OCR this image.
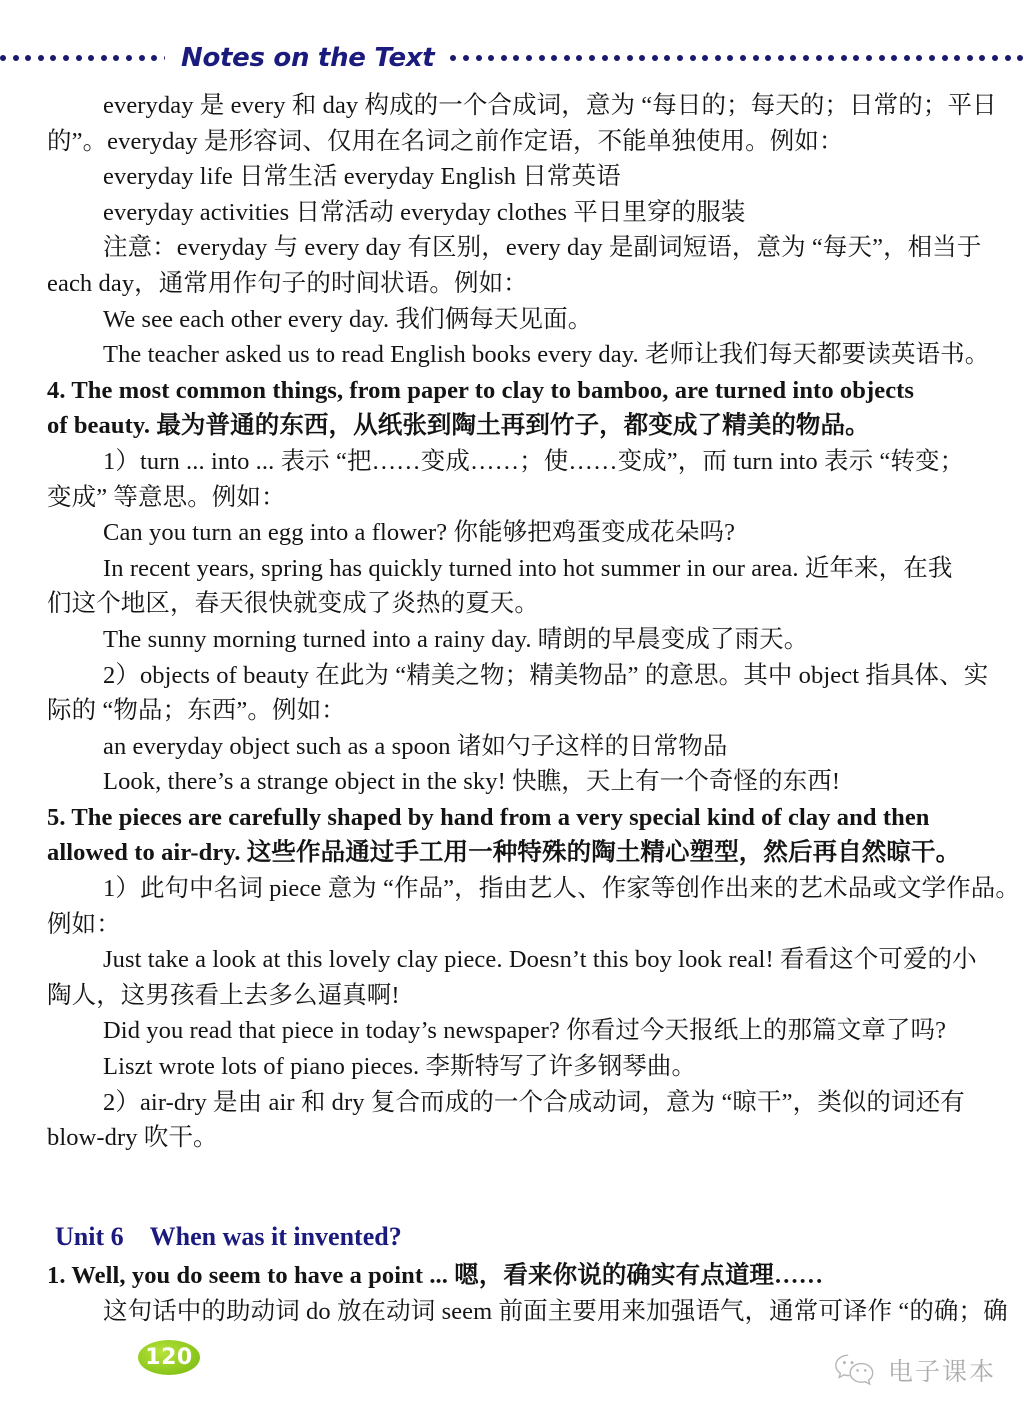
Notes on the Text
everyday 是 every 和 day 构成的一个合成词，意为 “每日的；每天的；日常的；平日
的”。everyday 是形容词、仅用在名词之前作定语，不能单独使用。例如：
everyday life 日常生活 everyday English 日常英语
everyday activities 日常活动 everyday clothes 平日里穿的服装
注意：everyday 与 every day 有区别，every day 是副词短语，意为 “每天”，相当于
each day，通常用作句子的时间状语。例如：
We see each other every day. 我们俩每天见面。
The teacher asked us to read English books every day. 老师让我们每天都要读英语书。
4. The most common things, from paper to clay to bamboo, are turned into objects
of beauty. 最为普通的东西，从纸张到陶土再到竹子，都变成了精美的物品。
1）turn ... into ... 表示 “把……变成……；使……变成”，而 turn into 表示 “转变；
变成” 等意思。例如：
Can you turn an egg into a flower? 你能够把鸡蛋变成花朵吗?
In recent years, spring has quickly turned into hot summer in our area. 近年来，在我
们这个地区，春天很快就变成了炎热的夏天。
The sunny morning turned into a rainy day. 晴朗的早晨变成了雨天。
2）objects of beauty 在此为 “精美之物；精美物品” 的意思。其中 object 指具体、实
际的 “物品；东西”。例如：
an everyday object such as a spoon 诸如勺子这样的日常物品
Look, there’s a strange object in the sky! 快瞧，天上有一个奇怪的东西!
5. The pieces are carefully shaped by hand from a very special kind of clay and then
allowed to air-dry. 这些作品通过手工用一种特殊的陶土精心塑型，然后再自然晾干。
1）此句中名词 piece 意为 “作品”，指由艺人、作家等创作出来的艺术品或文学作品。
例如：
Just take a look at this lovely clay piece. Doesn’t this boy look real! 看看这个可爱的小
陶人，这男孩看上去多么逼真啊!
Did you read that piece in today’s newspaper? 你看过今天报纸上的那篇文章了吗?
Liszt wrote lots of piano pieces. 李斯特写了许多钢琴曲。
2）air-dry 是由 air 和 dry 复合而成的一个合成动词，意为 “晾干”，类似的词还有
blow-dry 吹干。
Unit 6 When was it invented?
1. Well, you do seem to have a point ... 嗯，看来你说的确实有点道理……
这句话中的助动词 do 放在动词 seem 前面主要用来加强语气，通常可译作 “的确；确
120	电子课本
